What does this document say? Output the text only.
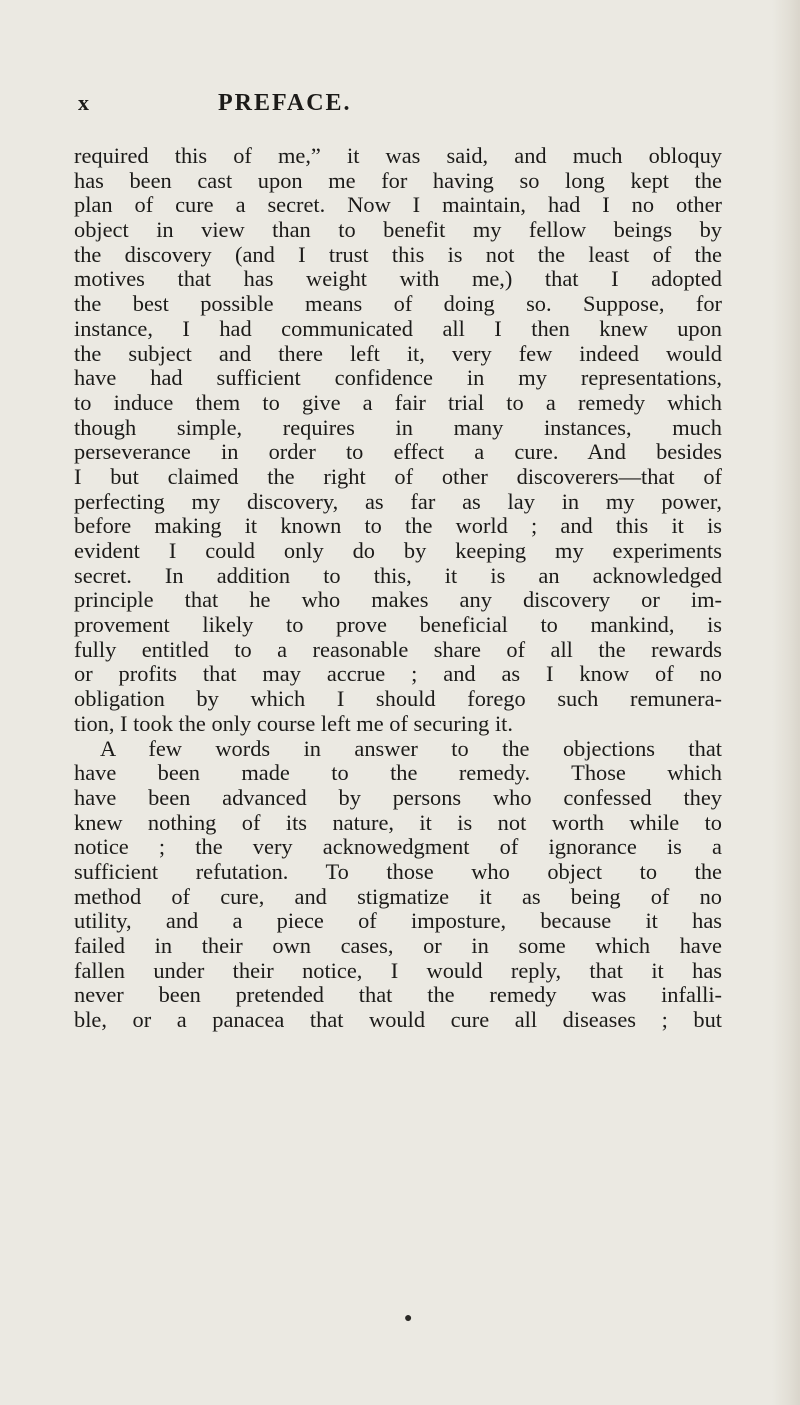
x	PREFACE.
required this of me,” it was said, and much obloquy
has been cast upon me for having so long kept the
plan of cure a secret. Now I maintain, had I no other
object in view than to benefit my fellow beings by
the discovery (and I trust this is not the least of the
motives that has weight with me,) that I adopted
the best possible means of doing so. Suppose, for
instance, I had communicated all I then knew upon
the subject and there left it, very few indeed would
have had sufficient confidence in my representations,
to induce them to give a fair trial to a remedy which
though simple, requires in many instances, much
perseverance in order to effect a cure. And besides
I but claimed the right of other discoverers—that of
perfecting my discovery, as far as lay in my power,
before making it known to the world ; and this it is
evident I could only do by keeping my experiments
secret. In addition to this, it is an acknowledged
principle that he who makes any discovery or im-
provement likely to prove beneficial to mankind, is
fully entitled to a reasonable share of all the rewards
or profits that may accrue ; and as I know of no
obligation by which I should forego such remunera-
tion, I took the only course left me of securing it.
A few words in answer to the objections that
have been made to the remedy. Those which
have been advanced by persons who confessed they
knew nothing of its nature, it is not worth while to
notice ; the very acknowedgment of ignorance is a
sufficient refutation. To those who object to the
method of cure, and stigmatize it as being of no
utility, and a piece of imposture, because it has
failed in their own cases, or in some which have
fallen under their notice, I would reply, that it has
never been pretended that the remedy was infalli-
ble, or a panacea that would cure all diseases ; but
●
